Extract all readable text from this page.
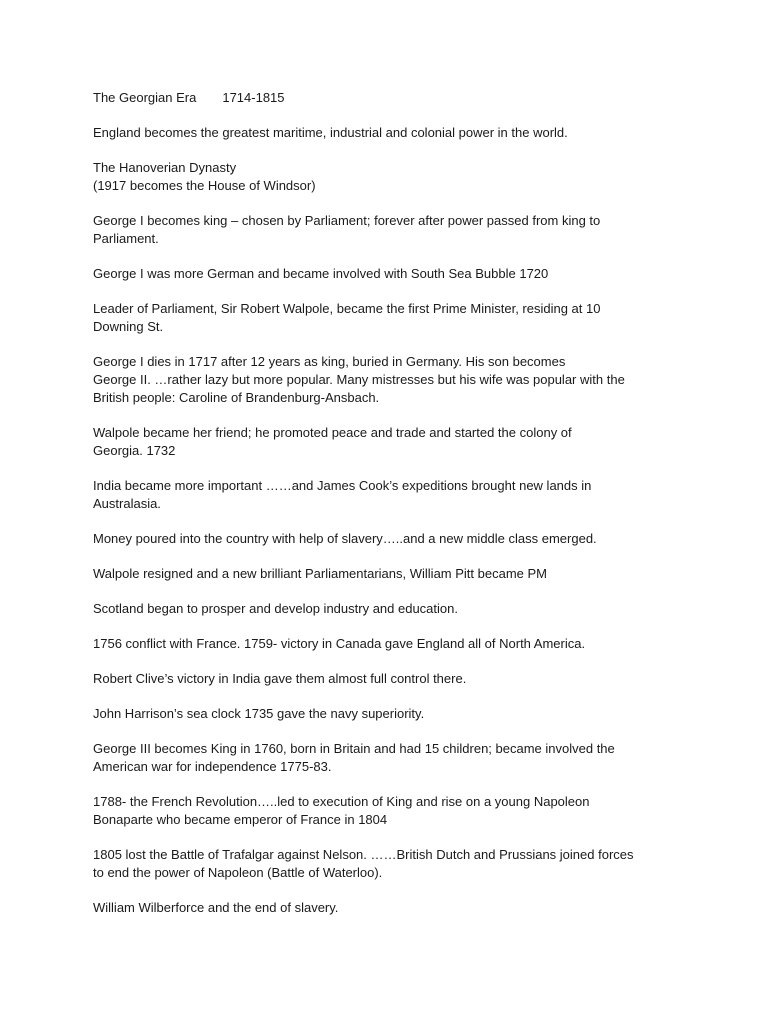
The Georgian Era 1714-1815

England becomes the greatest maritime, industrial and colonial power in the world.

The Hanoverian Dynasty
(1917 becomes the House of Windsor)

George I becomes king – chosen by Parliament; forever after power passed from king to
Parliament.

George I was more German and became involved with South Sea Bubble 1720

Leader of Parliament, Sir Robert Walpole, became the first Prime Minister, residing at 10
Downing St.

George I dies in 1717 after 12 years as king, buried in Germany. His son becomes
George II. …rather lazy but more popular. Many mistresses but his wife was popular with the
British people: Caroline of Brandenburg-Ansbach.

Walpole became her friend; he promoted peace and trade and started the colony of
Georgia. 1732

India became more important ……and James Cook’s expeditions brought new lands in
Australasia.

Money poured into the country with help of slavery…..and a new middle class emerged.

Walpole resigned and a new brilliant Parliamentarians, William Pitt became PM

Scotland began to prosper and develop industry and education.

1756 conflict with France. 1759- victory in Canada gave England all of North America.

Robert Clive’s victory in India gave them almost full control there.

John Harrison’s sea clock 1735 gave the navy superiority.

George III becomes King in 1760, born in Britain and had 15 children; became involved the
American war for independence 1775-83.

1788- the French Revolution…..led to execution of King and rise on a young Napoleon
Bonaparte who became emperor of France in 1804

1805 lost the Battle of Trafalgar against Nelson. ……British Dutch and Prussians joined forces
to end the power of Napoleon (Battle of Waterloo).

William Wilberforce and the end of slavery.
